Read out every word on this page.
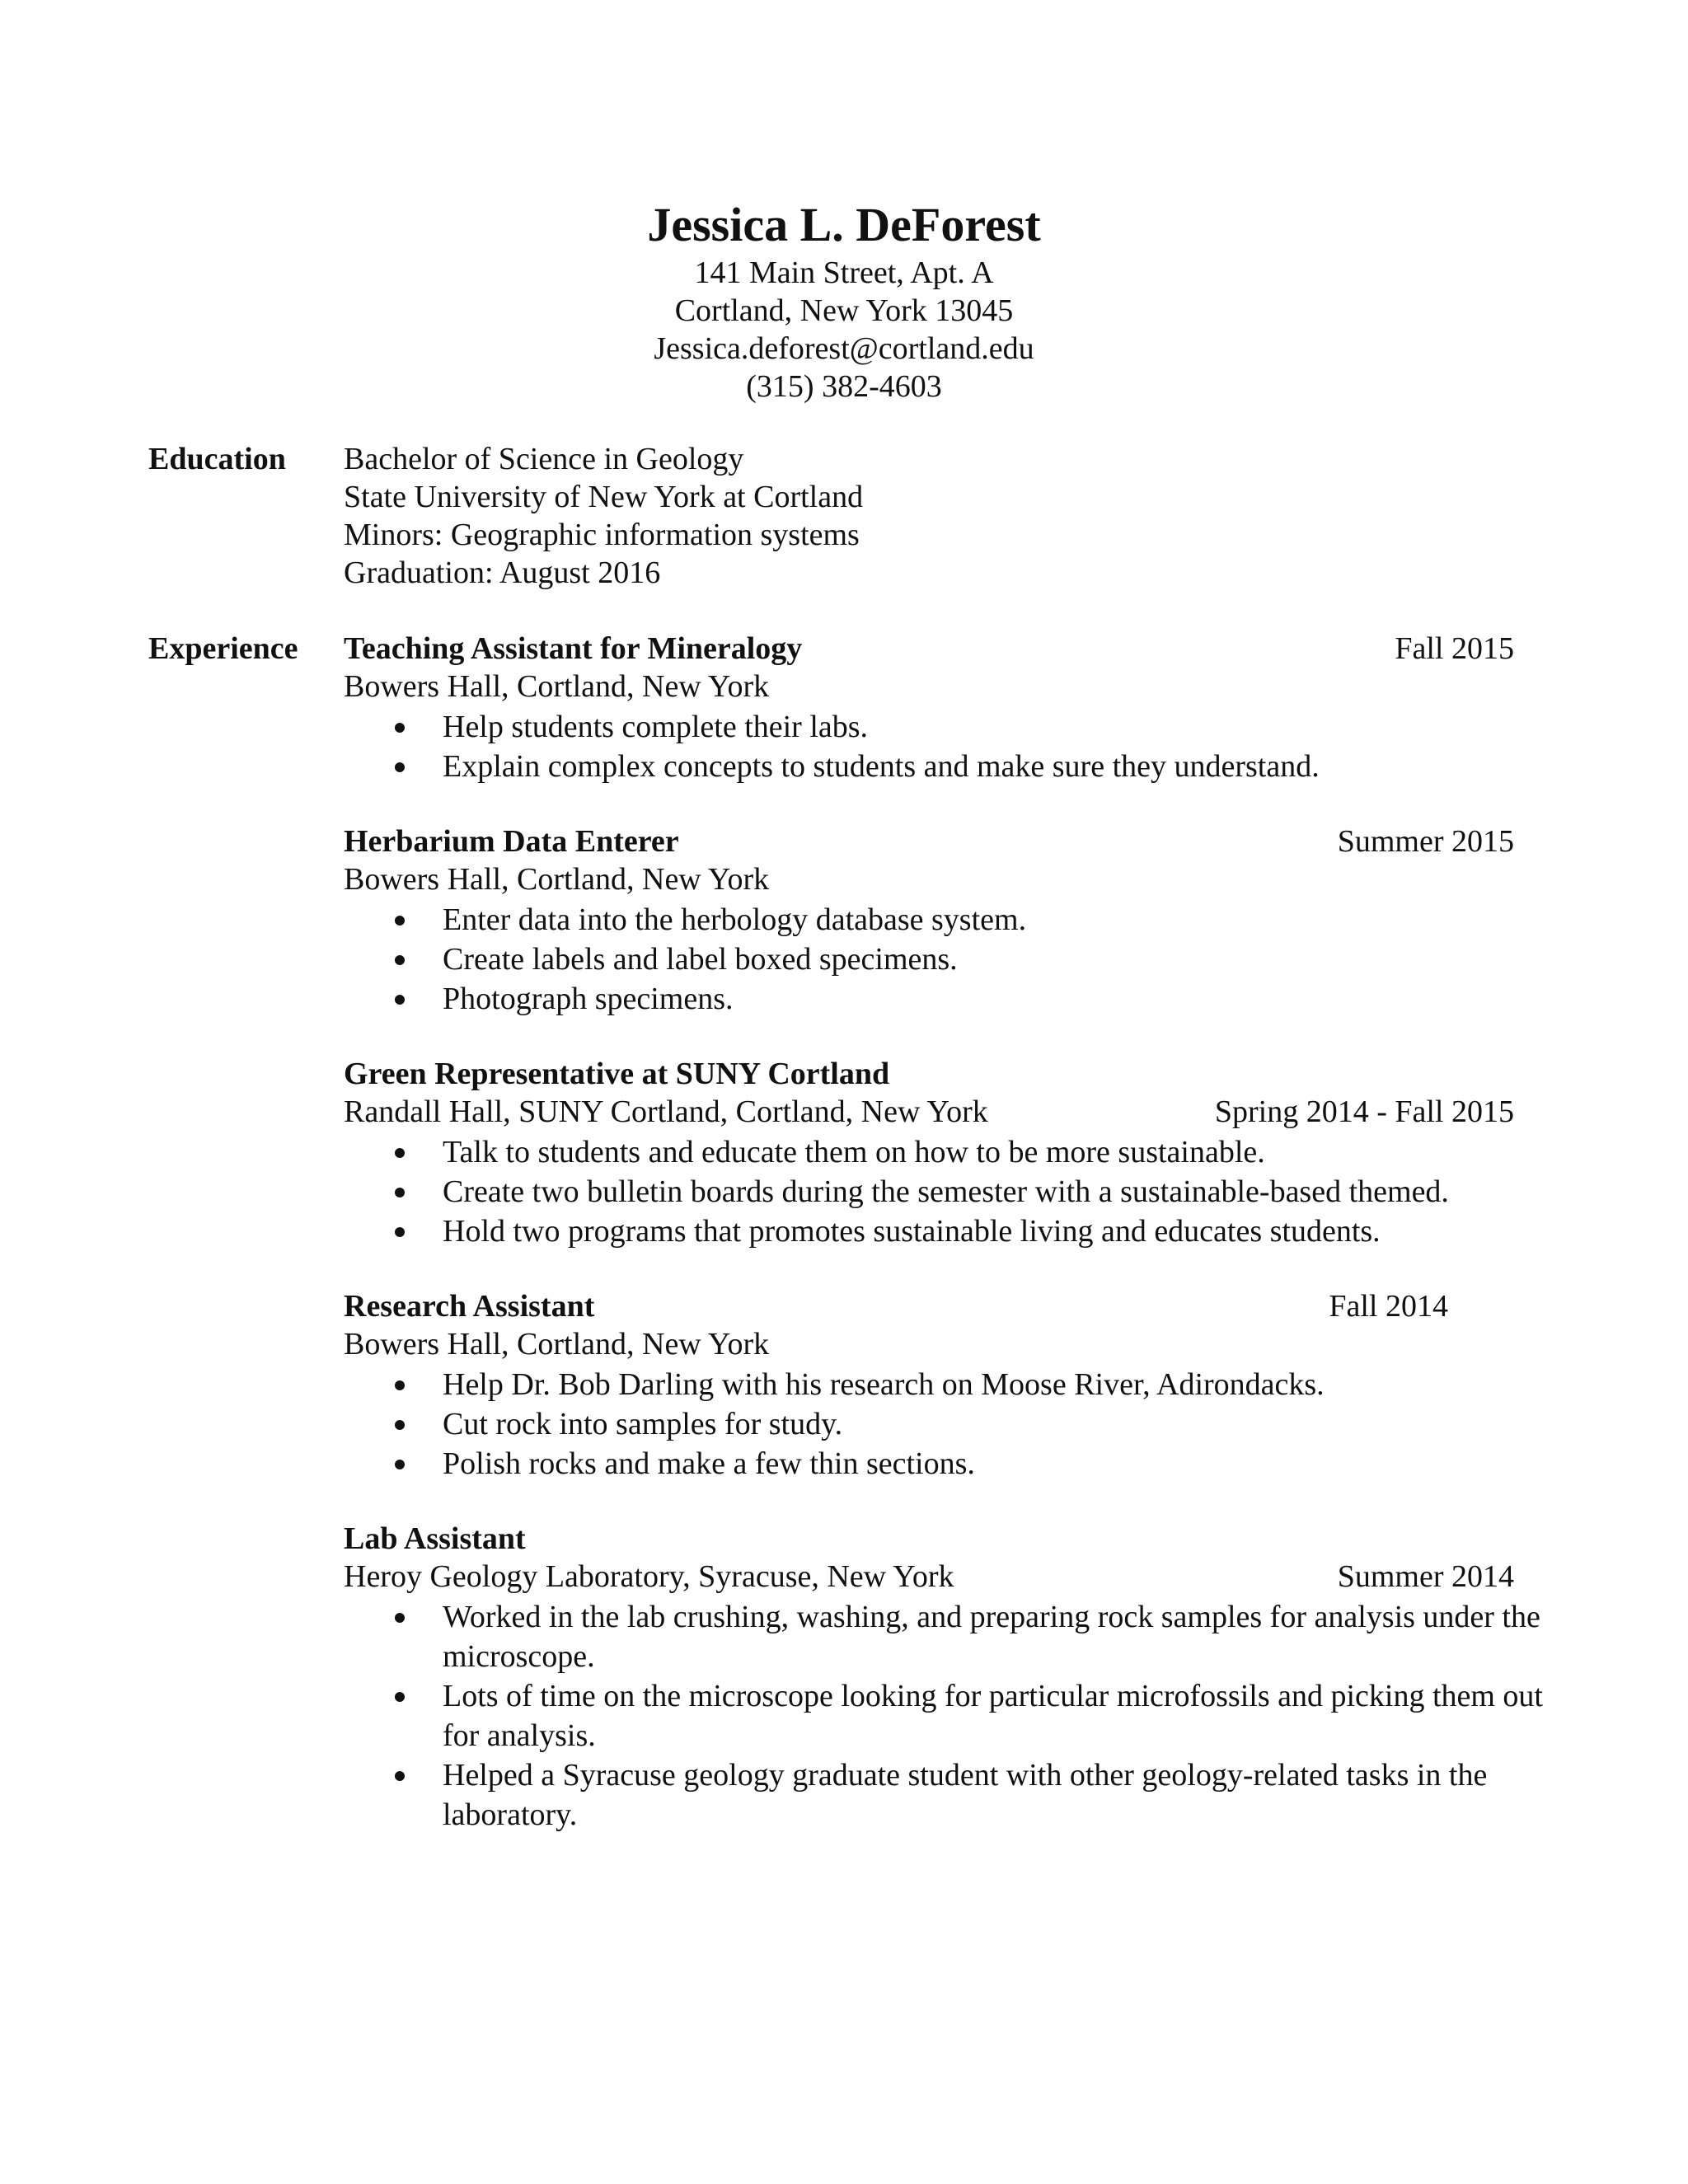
Jessica L. DeForest

141 Main Street, Apt. A

Cortland, New York 13045

Jessica.deforest@cortland.edu

(315) 382-4603

Education Bachelor of Science in Geology

State University of New York at Cortland

Minors: Geographic information systems

Graduation: August 2016

Experience Teaching Assistant for Mineralogy	Fall 2015
Bowers Hall, Cortland, New York
Help students complete their labs.
Explain complex concepts to students and make sure they understand.
Herbarium Data Enterer	Summer 2015
Bowers Hall, Cortland, New York
Enter data into the herbology database system.
Create labels and label boxed specimens.
Photograph specimens.
Green Representative at SUNY Cortland
Randall Hall, SUNY Cortland, Cortland, New York	Spring 2014 - Fall 2015
Talk to students and educate them on how to be more sustainable.
Create two bulletin boards during the semester with a sustainable-based themed.
Hold two programs that promotes sustainable living and educates students.
Research Assistant	Fall 2014
Bowers Hall, Cortland, New York
Help Dr. Bob Darling with his research on Moose River, Adirondacks.
Cut rock into samples for study.
Polish rocks and make a few thin sections.
Lab Assistant
Heroy Geology Laboratory, Syracuse, New York	Summer 2014
Worked in the lab crushing, washing, and preparing rock samples for analysis under the microscope.
Lots of time on the microscope looking for particular microfossils and picking them out for analysis.
Helped a Syracuse geology graduate student with other geology-related tasks in the laboratory.
